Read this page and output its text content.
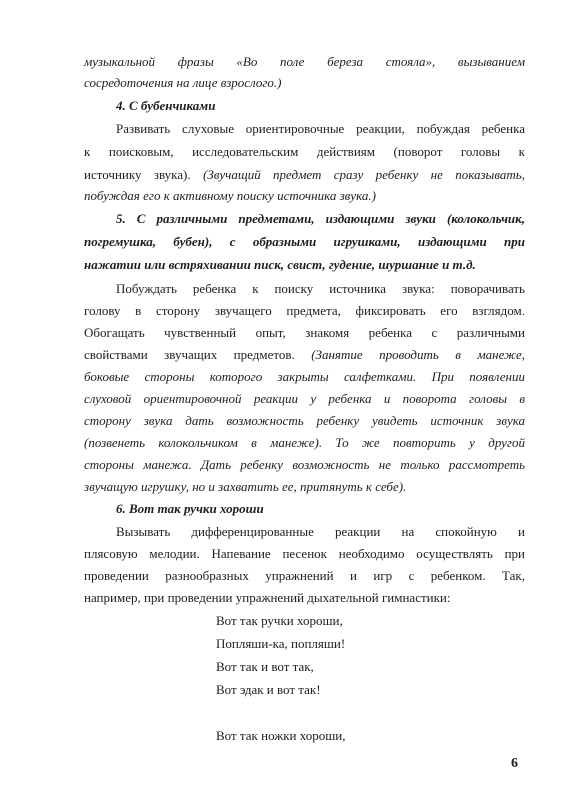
музыкальной фразы «Во поле береза стояла», вызыванием
сосредоточения на лице взрослого.)
4. С бубенчиками
Развивать слуховые ориентировочные реакции, побуждая ребенка
к поисковым, исследовательским действиям (поворот головы к
источнику звука). (Звучащий предмет сразу ребенку не показывать,
побуждая его к активному поиску источника звука.)
5. С различными предметами, издающими звуки (колокольчик,
погремушка, бубен), с образными игрушками, издающими при
нажатии или встряхивании писк, свист, гудение, шуршание и т.д.
Побуждать ребенка к поиску источника звука: поворачивать
голову в сторону звучащего предмета, фиксировать его взглядом.
Обогащать чувственный опыт, знакомя ребенка с различными
свойствами звучащих предметов. (Занятие проводить в манеже,
боковые стороны которого закрыты салфетками. При появлении
слуховой ориентировочной реакции у ребенка и поворота головы в
сторону звука дать возможность ребенку увидеть источник звука
(позвенеть колокольчиком в манеже). То же повторить у другой
стороны манежа. Дать ребенку возможность не только рассмотреть
звучащую игрушку, но и захватить ее, притянуть к себе).
6. Вот так ручки хороши
Вызывать дифференцированные реакции на спокойную и
плясовую мелодии. Напевание песенок необходимо осуществлять при
проведении разнообразных упражнений и игр с ребенком. Так,
например, при проведении упражнений дыхательной гимнастики:
Вот так ручки хороши,
Попляши-ка, попляши!
Вот так и вот так,
Вот эдак и вот так!
Вот так ножки хороши,
6
